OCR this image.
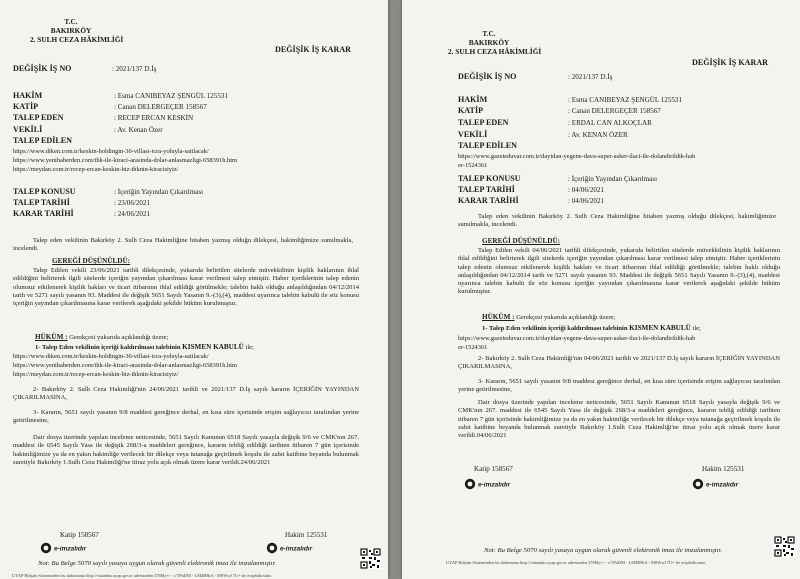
T.C.
BAKIRKÖY
2. SULH CEZA HÂKİMLİĞİ
DEĞİŞİK İŞ KARAR
DEĞİŞİK İŞ NO	: 2021/137 D.İş
HAKİM	: Esma CANIBEYAZ ŞENGÜL 125531
KATİP	: Canan DELERGEÇER 158567
TALEP EDEN	: RECEP ERCAN KESKİN
VEKİLİ	: Av. Kenan Özer
TALEP EDİLEN
https://www.diken.com.tr/keskin-holdingin-30-villasi-icra-yoluyla-satilacak/
https://www.yenihaberden.com/thk-ile-kiraci-arasinda-dolar-anlasmazligi-658391h.htm
https://meydan.com.tr/recep-ercan-keskin-biz-thknin-kiracisiyiz/
TALEP KONUSU	: İçeriğin Yayından Çıkarılması
TALEP TARİHİ	: 23/06/2021
KARAR TARİHİ	: 24/06/2021
Talep eden vekilinin Bakırköy 2. Sulh Ceza Hakimliğine hitaben yazmış olduğu dilekçesi, hakimliğimize sunulmakla, incelendi.
GEREĞİ DÜŞÜNÜLDÜ:
Talep Edilen vekili 23/06/2021 tarihli dilekçesinde, yukarıda belirtilen sitelerde müvekkilinin kişilik haklarının ihlal edildiğini belirterek ilgili sitelerde içeriğin yayından çıkarılması karar verilmesi talep etmiştir. Haber içeriklerinin talep edenin olumsuz etkilenerek kişilik hakları ve ticari itibarının ihlal edildiği görülmekle; talebin haklı olduğu anlaşıldığından 04/12/2014 tarih ve 5271 sayılı yasanın 93. Maddesi ile değişik 5651 Sayılı Yasanın 9.-(3),(4), maddesi uyarınca talebin kabulü ile söz konusu içeriğin yayından çıkarılmasına karar verilerek aşağıdaki şekilde hüküm kurulmuştur.
HÜKÜM : Gerekçesi yukarıda açıklandığı üzere;
1- Talep Eden vekilinin içeriği kaldırılması talebinin KISMEN KABULÜ ile;
https://www.diken.com.tr/keskin-holdingin-30-villasi-icra-yoluyla-satilacak/
https://www.yenihaberden.com/thk-ile-kiraci-arasinda-dolar-anlasmazligi-658391h.htm
https://meydan.com.tr/recep-ercan-keskin-biz-thknin-kiracisiyiz/
2- Bakırköy 2. Sulh Ceza Hakimliği'nin 24/06/2021 tarihli ve 2021/137 D.İş sayılı kararın İÇERİĞİN YAYINDAN ÇIKARILMASINA,
3- Kararın, 5651 sayılı yasanın 9/8 maddesi gereğince derhal, en kısa süre içerisinde erişim sağlayıcısı tarafından yerine getirilmesine,
Dair dosya üzerinde yapılan inceleme neticesinde, 5651 Sayılı Kanunun 6518 Sayılı yasayla değişik 9/6 ve CMK'nın 267. maddesi ile 6545 Sayılı Yasa ile değişik 268/3-a maddeleri gereğince, kararın tebliğ edildiği tarihten itibaren 7 gün içerisinde hakimliğimize ya da en yakın hakimliğe verilecek bir dilekçe veya tutanağa geçirilmek koşulu ile zabıt katibine beyanda bulunmak suretiyle Bakırköy 1.Sulh Ceza Hakimliği'ne itiraz yolu açık olmak üzere karar verildi.24/06/2021
Katip 158567	Hakim 125531
e-imzalıdır	e-imzalıdır
Not: Bu Belge 5070 sayılı yasaya uygun olarak güvenli elektronik imza ile imzalanmıştır.
UYAP Bilişim Sisteminden bu dokümana http://vatandas.uyap.gov.tr adresinden 378My+/ - r/TPaDM - LM4BBtA - MSWw17U= ile erişebilirsiniz.
T.C.
BAKIRKÖY
2. SULH CEZA HÂKİMLİĞİ
DEĞİŞİK İŞ KARAR
DEĞİŞİK İŞ NO	: 2021/137 D.İş
HAKİM	: Esma CANIBEYAZ ŞENGÜL 125531
KATİP	: Canan DELERGEÇER 158567
TALEP EDEN	: ERDAL CAN ALKOÇLAR
VEKİLİ	: Av. KENAN ÖZER
TALEP EDİLEN
https://www.gazeteduvar.com.tr/dayidan-yegene-dava-super-asker-ilaci-ile-dolandirildik-hab
er-1524361
TALEP KONUSU	: İçeriğin Yayından Çıkarılması
TALEP TARİHİ	: 04/06/2021
KARAR TARİHİ	: 04/06/2021
Talep eden vekilinin Bakırköy 2. Sulh Ceza Hakimliğine hitaben yazmış olduğu dilekçesi, hakimliğimize sunulmakla, incelendi.
GEREĞİ DÜŞÜNÜLDÜ:
Talep Edilen vekili 04/06/2021 tarihli dilekçesinde, yukarıda belirtilen sitelerde müvekkilinin kişilik haklarının ihlal edildiğini belirterek ilgili sitelerde içeriğin yayından çıkarılması karar verilmesi talep etmiştir. Haber içeriklerinin talep edenin olumsuz etkilenerek kişilik hakları ve ticari itibarının ihlal edildiği görülmekle; talebin haklı olduğu anlaşıldığından 04/12/2014 tarih ve 5271 sayılı yasanın 93. Maddesi ile değişik 5651 Sayılı Yasanın 9.-(3),(4), maddesi uyarınca talebin kabulü ile söz konusu içeriğin yayından çıkarılmasına karar verilerek aşağıdaki şekilde hüküm kurulmuştur.
HÜKÜM : Gerekçesi yukarıda açıklandığı üzere;
1- Talep Eden vekilinin içeriği kaldırılması talebinin KISMEN KABULÜ ile;
https://www.gazeteduvar.com.tr/dayidan-yegene-dava-super-asker-ilaci-ile-dolandirildik-hab
er-1524361
2- Bakırköy 2. Sulh Ceza Hakimliği'nin 04/06/2021 tarihli ve 2021/137 D.İş sayılı kararın İÇERİĞİN YAYINDAN ÇIKARILMASINA,
3- Kararın, 5651 sayılı yasanın 9/8 maddesi gereğince derhal, en kısa süre içerisinde erişim sağlayıcısı tarafından yerine getirilmesine,
Dair dosya üzerinde yapılan inceleme neticesinde, 5651 Sayılı Kanunun 6518 Sayılı yasayla değişik 9/6 ve CMK'nın 267. maddesi ile 6545 Sayılı Yasa ile değişik 268/3-a maddeleri gereğince, kararın tebliğ edildiği tarihten itibaren 7 gün içerisinde hakimliğimize ya da en yakın hakimliğe verilecek bir dilekçe veya tutanağa geçirilmek koşulu ile zabıt katibine beyanda bulunmak suretiyle Bakırköy 1.Sulh Ceza Hakimliği'ne itiraz yolu açık olmak üzere karar verildi.04/06/2021
Katip 158567	Hakim 125531
e-imzalıdır	e-imzalıdır
Not: Bu Belge 5070 sayılı yasaya uygun olarak güvenli elektronik imza ile imzalanmıştır.
UYAP Bilişim Sisteminden bu dokümana http://vatandas.uyap.gov.tr adresinden 378My+/ - r/TPaDM - LM4BBtA - MSWw17U= ile erişebilirsiniz.
